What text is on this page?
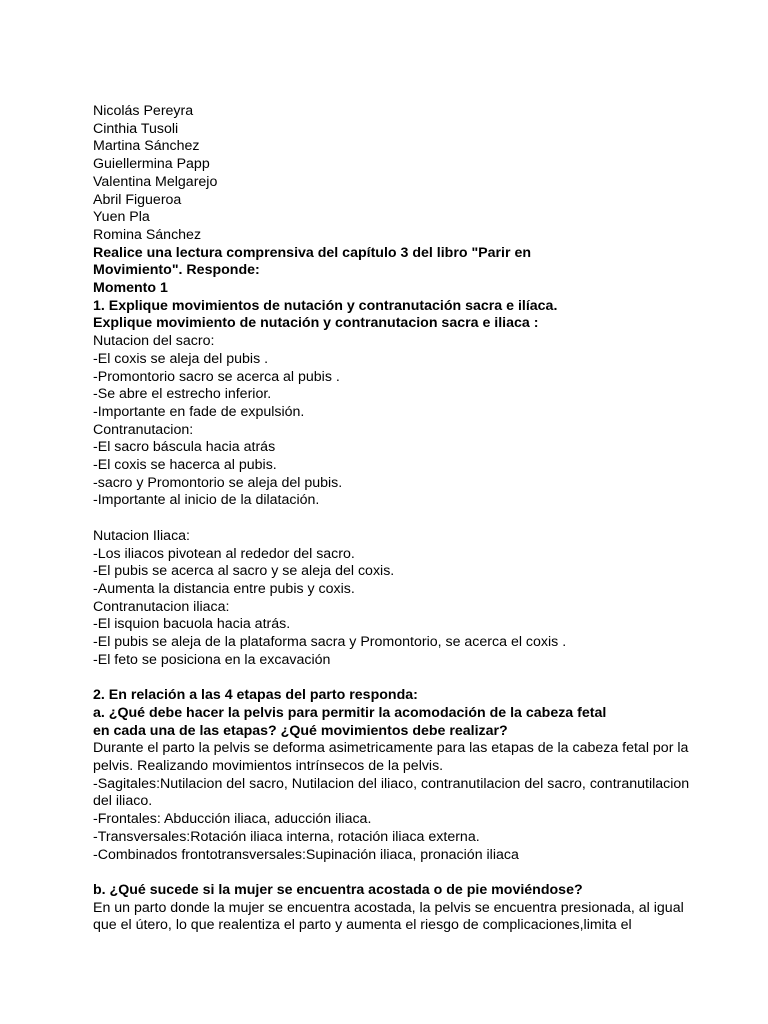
Nicolás Pereyra
Cinthia Tusoli
Martina Sánchez
Guiellermina Papp
Valentina Melgarejo
Abril Figueroa
Yuen Pla
Romina Sánchez
Realice una lectura comprensiva del capítulo 3 del libro "Parir en
Movimiento". Responde:
Momento 1
1. Explique movimientos de nutación y contranutación sacra e ilíaca.
Explique movimiento de nutación y contranutacion sacra e iliaca :
Nutacion del sacro:
-El coxis se aleja del pubis .
-Promontorio sacro se acerca al pubis .
-Se abre el estrecho inferior.
-Importante en fade de expulsión.
Contranutacion:
-El sacro báscula hacia atrás
-El coxis se hacerca al pubis.
-sacro y Promontorio se aleja del pubis.
-Importante al inicio de la dilatación.
Nutacion Iliaca:
-Los iliacos pivotean al rededor del sacro.
-El pubis se acerca al sacro y se aleja del coxis.
-Aumenta la distancia entre pubis y coxis.
Contranutacion iliaca:
-El isquion bacuola hacia atrás.
-El pubis se aleja de la plataforma sacra y Promontorio, se acerca el coxis .
-El feto se posiciona en la excavación
2. En relación a las 4 etapas del parto responda:
a. ¿Qué debe hacer la pelvis para permitir la acomodación de la cabeza fetal
en cada una de las etapas? ¿Qué movimientos debe realizar?
Durante el parto la pelvis se deforma asimetricamente para las etapas de la cabeza fetal por la pelvis. Realizando movimientos intrínsecos de la pelvis.
-Sagitales:Nutilacion del sacro, Nutilacion del iliaco, contranutilacion del sacro, contranutilacion del iliaco.
-Frontales: Abducción iliaca, aducción iliaca.
-Transversales:Rotación iliaca interna, rotación iliaca externa.
-Combinados frontotransversales:Supinación iliaca, pronación iliaca
b. ¿Qué sucede si la mujer se encuentra acostada o de pie moviéndose?
En un parto donde la mujer se encuentra acostada, la pelvis se encuentra presionada, al igual que el útero, lo que realentiza el parto y aumenta el riesgo de complicaciones,limita el
